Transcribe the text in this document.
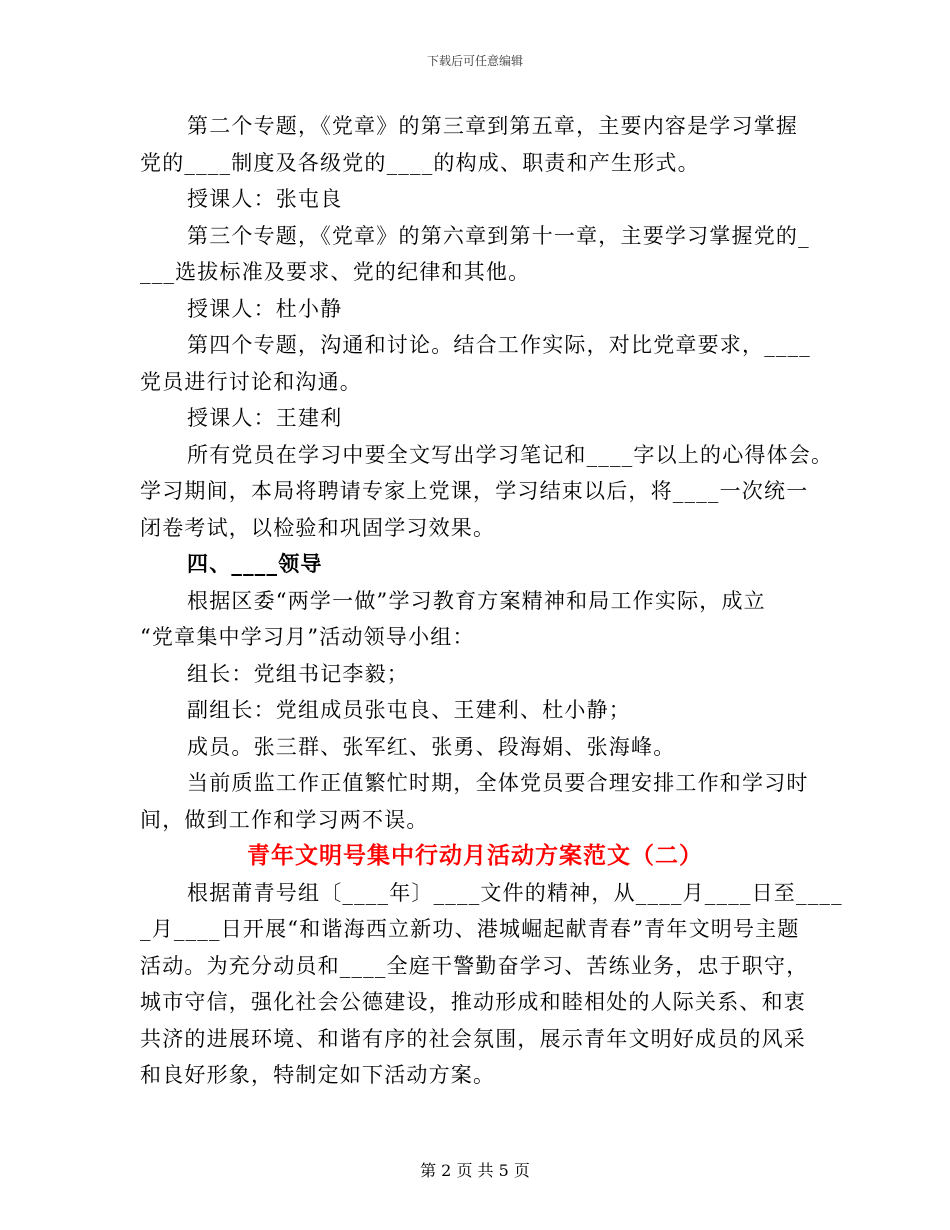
下载后可任意编辑
第二个专题，《党章》的第三章到第五章，主要内容是学习掌握
党的____制度及各级党的____的构成、职责和产生形式。
授课人：张屯良
第三个专题，《党章》的第六章到第十一章，主要学习掌握党的_
___选拔标准及要求、党的纪律和其他。
授课人：杜小静
第四个专题，沟通和讨论。结合工作实际，对比党章要求，____
党员进行讨论和沟通。
授课人：王建利
所有党员在学习中要全文写出学习笔记和____字以上的心得体会。
学习期间，本局将聘请专家上党课，学习结束以后，将____一次统一
闭卷考试，以检验和巩固学习效果。
四、____领导
根据区委“两学一做”学习教育方案精神和局工作实际，成立
“党章集中学习月”活动领导小组：
组长：党组书记李毅；
副组长：党组成员张屯良、王建利、杜小静；
成员。张三群、张军红、张勇、段海娟、张海峰。
当前质监工作正值繁忙时期，全体党员要合理安排工作和学习时
间，做到工作和学习两不误。
青年文明号集中行动月活动方案范文（二）
根据莆青号组〔____年〕____文件的精神，从____月____日至____
_月____日开展“和谐海西立新功、港城崛起献青春”青年文明号主题
活动。为充分动员和____全庭干警勤奋学习、苦练业务，忠于职守，
城市守信，强化社会公德建设，推动形成和睦相处的人际关系、和衷
共济的进展环境、和谐有序的社会氛围，展示青年文明好成员的风采
和良好形象，特制定如下活动方案。
第 2 页 共 5 页
